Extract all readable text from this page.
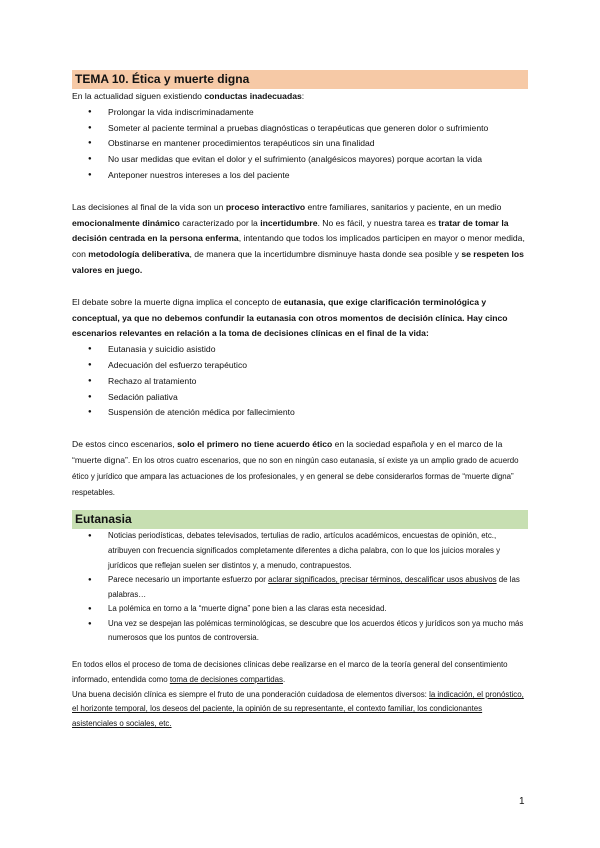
TEMA 10. Ética y muerte digna

En la actualidad siguen existiendo conductas inadecuadas:

● Prolongar la vida indiscriminadamente
● Someter al paciente terminal a pruebas diagnósticas o terapéuticas que generen dolor o sufrimiento
● Obstinarse en mantener procedimientos terapéuticos sin una finalidad
● No usar medidas que evitan el dolor y el sufrimiento (analgésicos mayores) porque acortan la vida
● Anteponer nuestros intereses a los del paciente

Las decisiones al final de la vida son un proceso interactivo entre familiares, sanitarios y paciente, en un medio emocionalmente dinámico caracterizado por la incertidumbre. No es fácil, y nuestra tarea es tratar de tomar la decisión centrada en la persona enferma, intentando que todos los implicados participen en mayor o menor medida, con metodología deliberativa, de manera que la incertidumbre disminuye hasta donde sea posible y se respeten los valores en juego.

El debate sobre la muerte digna implica el concepto de eutanasia, que exige clarificación terminológica y conceptual, ya que no debemos confundir la eutanasia con otros momentos de decisión clínica. Hay cinco escenarios relevantes en relación a la toma de decisiones clínicas en el final de la vida:

● Eutanasia y suicidio asistido
● Adecuación del esfuerzo terapéutico
● Rechazo al tratamiento
● Sedación paliativa
● Suspensión de atención médica por fallecimiento

De estos cinco escenarios, solo el primero no tiene acuerdo ético en la sociedad española y en el marco de la “muerte digna”. En los otros cuatro escenarios, que no son en ningún caso eutanasia, sí existe ya un amplio grado de acuerdo ético y jurídico que ampara las actuaciones de los profesionales, y en general se debe considerarlos formas de “muerte digna” respetables.

Eutanasia
● Noticias periodísticas, debates televisados, tertulias de radio, artículos académicos, encuestas de opinión, etc., atribuyen con frecuencia significados completamente diferentes a dicha palabra, con lo que los juicios morales y jurídicos que reflejan suelen ser distintos y, a menudo, contrapuestos.
● Parece necesario un importante esfuerzo por aclarar significados, precisar términos, descalificar usos abusivos de las palabras…
● La polémica en torno a la “muerte digna” pone bien a las claras esta necesidad.
● Una vez se despejan las polémicas terminológicas, se descubre que los acuerdos éticos y jurídicos son ya mucho más numerosos que los puntos de controversia.

En todos ellos el proceso de toma de decisiones clínicas debe realizarse en el marco de la teoría general del consentimiento informado, entendida como toma de decisiones compartidas.

Una buena decisión clínica es siempre el fruto de una ponderación cuidadosa de elementos diversos: la indicación, el pronóstico, el horizonte temporal, los deseos del paciente, la opinión de su representante, el contexto familiar, los condicionantes asistenciales o sociales, etc.

1
